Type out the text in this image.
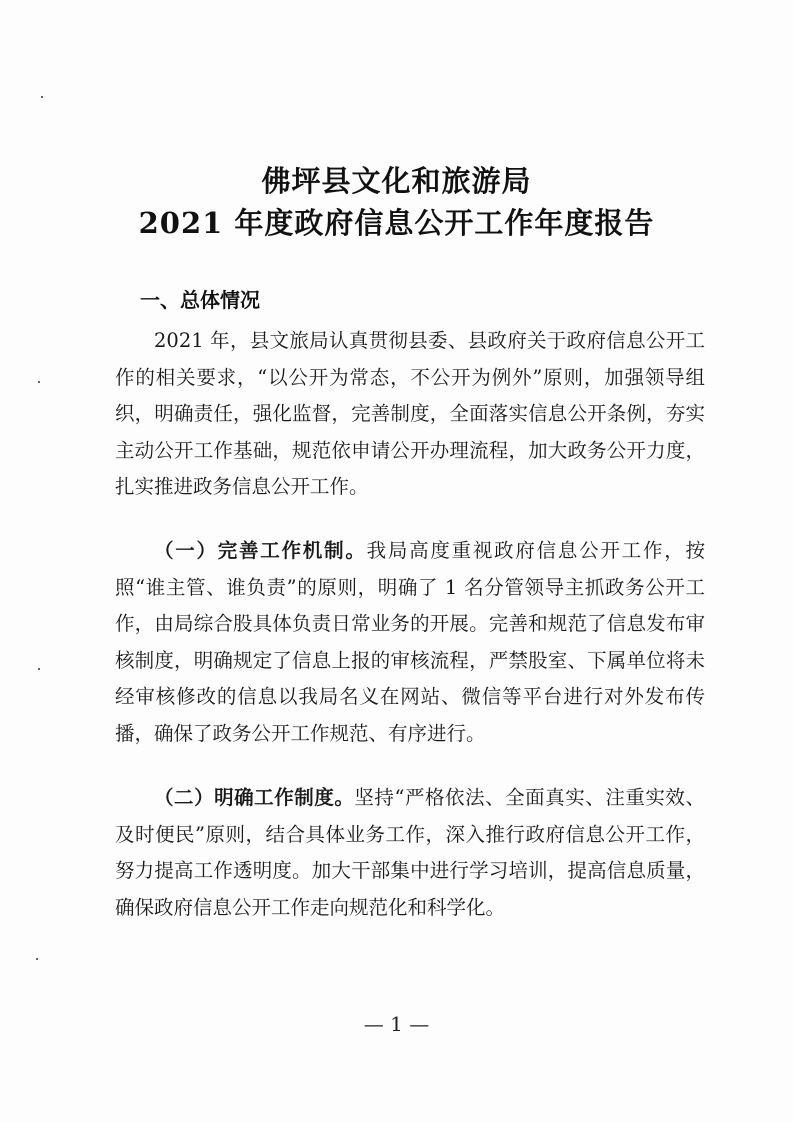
佛坪县文化和旅游局
2021 年度政府信息公开工作年度报告
一、总体情况

2021 年，县文旅局认真贯彻县委、县政府关于政府信息公开工作的相关要求，“以公开为常态，不公开为例外”原则，加强领导组织，明确责任，强化监督，完善制度，全面落实信息公开条例，夯实主动公开工作基础，规范依申请公开办理流程，加大政务公开力度，扎实推进政务信息公开工作。

（一）完善工作机制。我局高度重视政府信息公开工作，按照“谁主管、谁负责”的原则，明确了 1 名分管领导主抓政务公开工作，由局综合股具体负责日常业务的开展。完善和规范了信息发布审核制度，明确规定了信息上报的审核流程，严禁股室、下属单位将未经审核修改的信息以我局名义在网站、微信等平台进行对外发布传播，确保了政务公开工作规范、有序进行。

（二）明确工作制度。坚持“严格依法、全面真实、注重实效、及时便民”原则，结合具体业务工作，深入推行政府信息公开工作，努力提高工作透明度。加大干部集中进行学习培训，提高信息质量，确保政府信息公开工作走向规范化和科学化。

— 1 —
